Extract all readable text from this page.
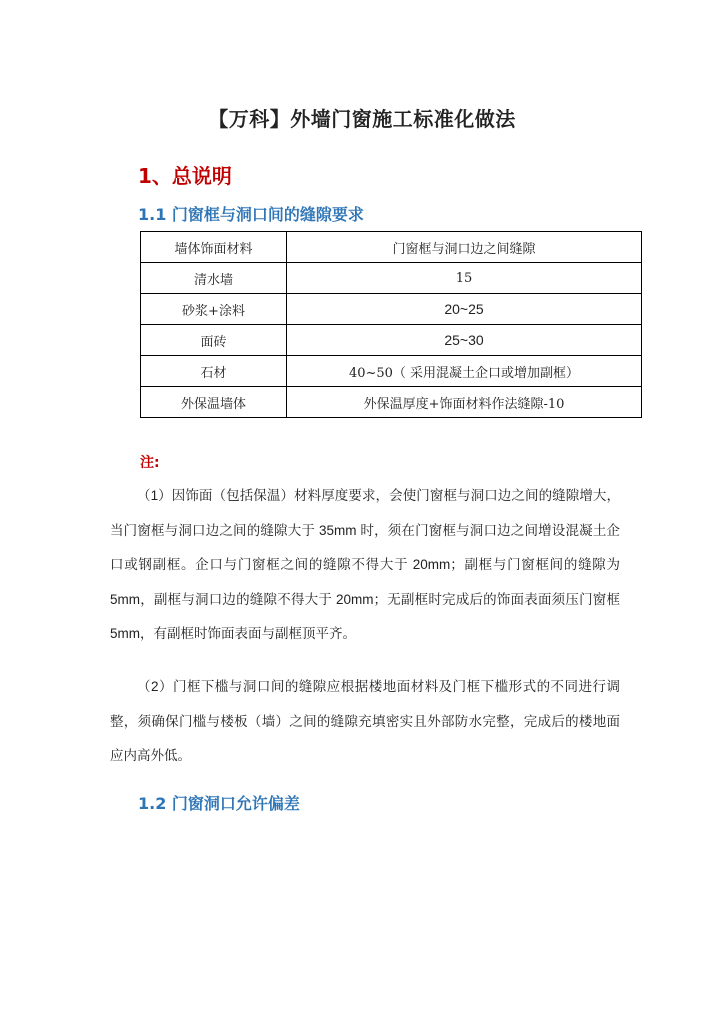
【万科】外墙门窗施工标准化做法
1、总说明
1.1 门窗框与洞口间的缝隙要求
墙体饰面材料	门窗框与洞口边之间缝隙
清水墙	15
砂浆+涂料	20~25
面砖	25~30
石材	40~50（ 采用混凝土企口或增加副框）
外保温墙体	外保温厚度+饰面材料作法缝隙-10
注:
（1）因饰面（包括保温）材料厚度要求，会使门窗框与洞口边之间的缝隙增大，当门窗框与洞口边之间的缝隙大于 35mm 时，须在门窗框与洞口边之间增设混凝土企口或钢副框。企口与门窗框之间的缝隙不得大于 20mm；副框与门窗框间的缝隙为 5mm，副框与洞口边的缝隙不得大于 20mm；无副框时完成后的饰面表面须压门窗框 5mm，有副框时饰面表面与副框顶平齐。
（2）门框下槛与洞口间的缝隙应根据楼地面材料及门框下槛形式的不同进行调整，须确保门槛与楼板（墙）之间的缝隙充填密实且外部防水完整，完成后的楼地面应内高外低。
1.2 门窗洞口允许偏差
